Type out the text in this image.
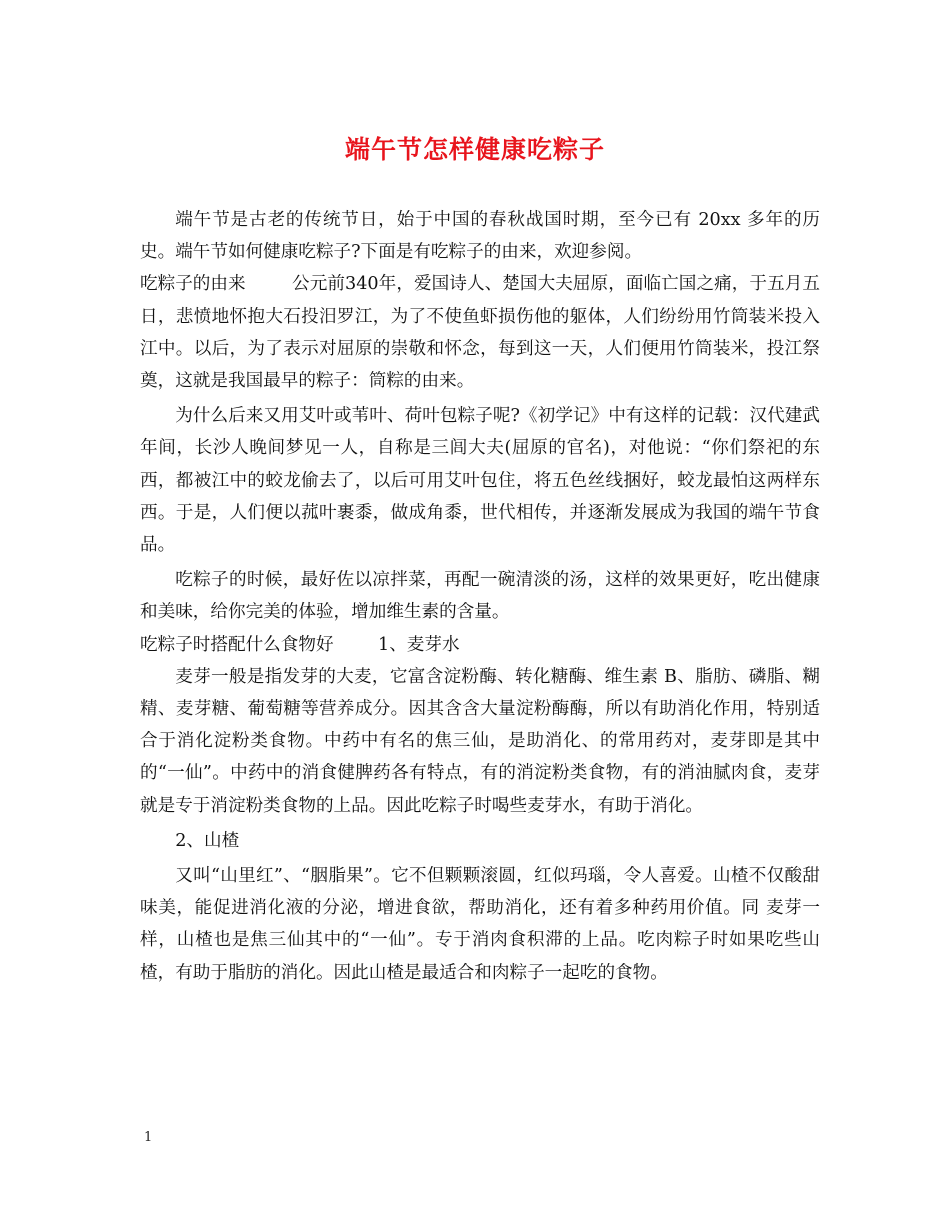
端午节怎样健康吃粽子

端午节是古老的传统节日，始于中国的春秋战国时期，至今已有 20xx 多年的历史。端午节如何健康吃粽子?下面是有吃粽子的由来，欢迎参阅。

吃粽子的由来	公元前340年，爱国诗人、楚国大夫屈原，面临亡国之痛，于五月五日，悲愤地怀抱大石投汨罗江，为了不使鱼虾损伤他的躯体，人们纷纷用竹筒装米投入江中。以后，为了表示对屈原的崇敬和怀念，每到这一天，人们便用竹筒装米，投江祭奠，这就是我国最早的粽子：筒粽的由来。

为什么后来又用艾叶或苇叶、荷叶包粽子呢?《初学记》中有这样的记载：汉代建武年间，长沙人晚间梦见一人，自称是三闾大夫(屈原的官名)，对他说：“你们祭祀的东西，都被江中的蛟龙偷去了，以后可用艾叶包住，将五色丝线捆好，蛟龙最怕这两样东西。于是，人们便以菰叶裹黍，做成角黍，世代相传，并逐渐发展成为我国的端午节食品。

吃粽子的时候，最好佐以凉拌菜，再配一碗清淡的汤，这样的效果更好，吃出健康和美味，给你完美的体验，增加维生素的含量。

吃粽子时搭配什么食物好	1、麦芽水

麦芽一般是指发芽的大麦，它富含淀粉酶、转化糖酶、维生素 B、脂肪、磷脂、糊精、麦芽糖、葡萄糖等营养成分。因其含含大量淀粉酶酶，所以有助消化作用，特别适合于消化淀粉类食物。中药中有名的焦三仙，是助消化、的常用药对，麦芽即是其中的“一仙”。中药中的消食健脾药各有特点，有的消淀粉类食物，有的消油腻肉食，麦芽就是专于消淀粉类食物的上品。因此吃粽子时喝些麦芽水，有助于消化。

2、山楂

又叫“山里红”、“胭脂果”。它不但颗颗滚圆，红似玛瑙，令人喜爱。山楂不仅酸甜味美，能促进消化液的分泌，增进食欲，帮助消化，还有着多种药用价值。同 麦芽一样，山楂也是焦三仙其中的“一仙”。专于消肉食积滞的上品。吃肉粽子时如果吃些山楂，有助于脂肪的消化。因此山楂是最适合和肉粽子一起吃的食物。

1
